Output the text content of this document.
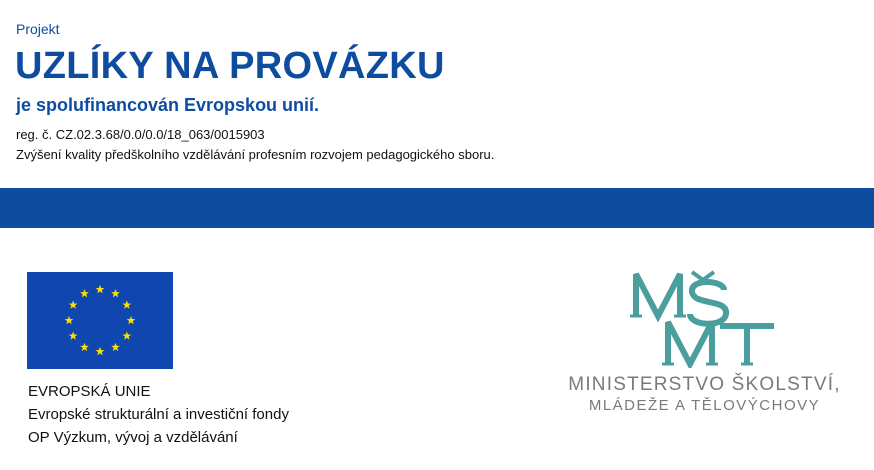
Projekt
UZLÍKY NA PROVÁZKU
je spolufinancován Evropskou unií.
reg. č. CZ.02.3.68/0.0/0.0/18_063/0015903
Zvýšení kvality předškolního vzdělávání profesním rozvojem pedagogického sboru.
EVROPSKÁ UNIE
Evropské strukturální a investiční fondy
OP Výzkum, vývoj a vzdělávání
MINISTERSTVO ŠKOLSTVÍ,
MLÁDEŽE A TĚLOVÝCHOVY
